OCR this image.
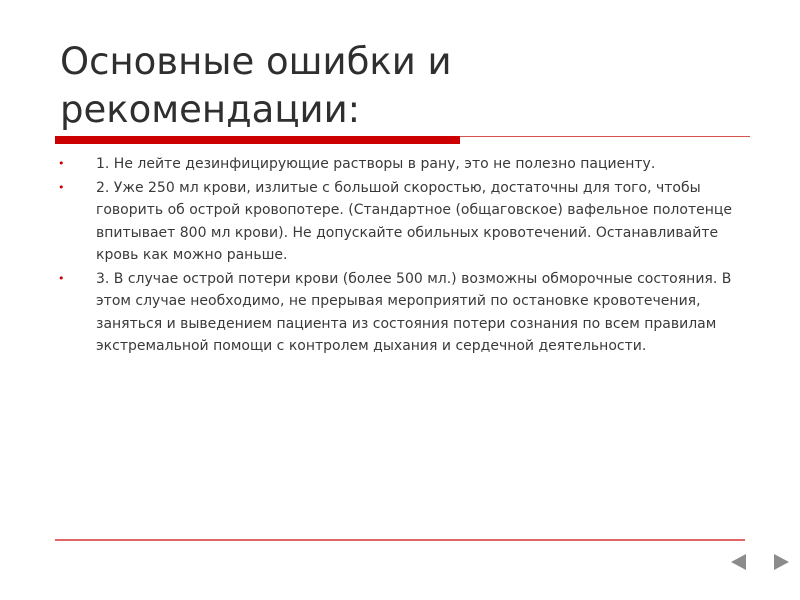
Основные ошибки и рекомендации:
• 1. Не лейте дезинфицирующие растворы в рану, это не полезно пациенту.
• 2. Уже 250 мл крови, излитые с большой скоростью, достаточны для того, чтобы говорить об острой кровопотере. (Стандартное (общаговское) вафельное полотенце впитывает 800 мл крови). Не допускайте обильных кровотечений. Останавливайте кровь как можно раньше.
• 3. В случае острой потери крови (более 500 мл.) возможны обморочные состояния. В этом случае необходимо, не прерывая мероприятий по остановке кровотечения, заняться и выведением пациента из состояния потери сознания по всем правилам экстремальной помощи с контролем дыхания и сердечной деятельности.
